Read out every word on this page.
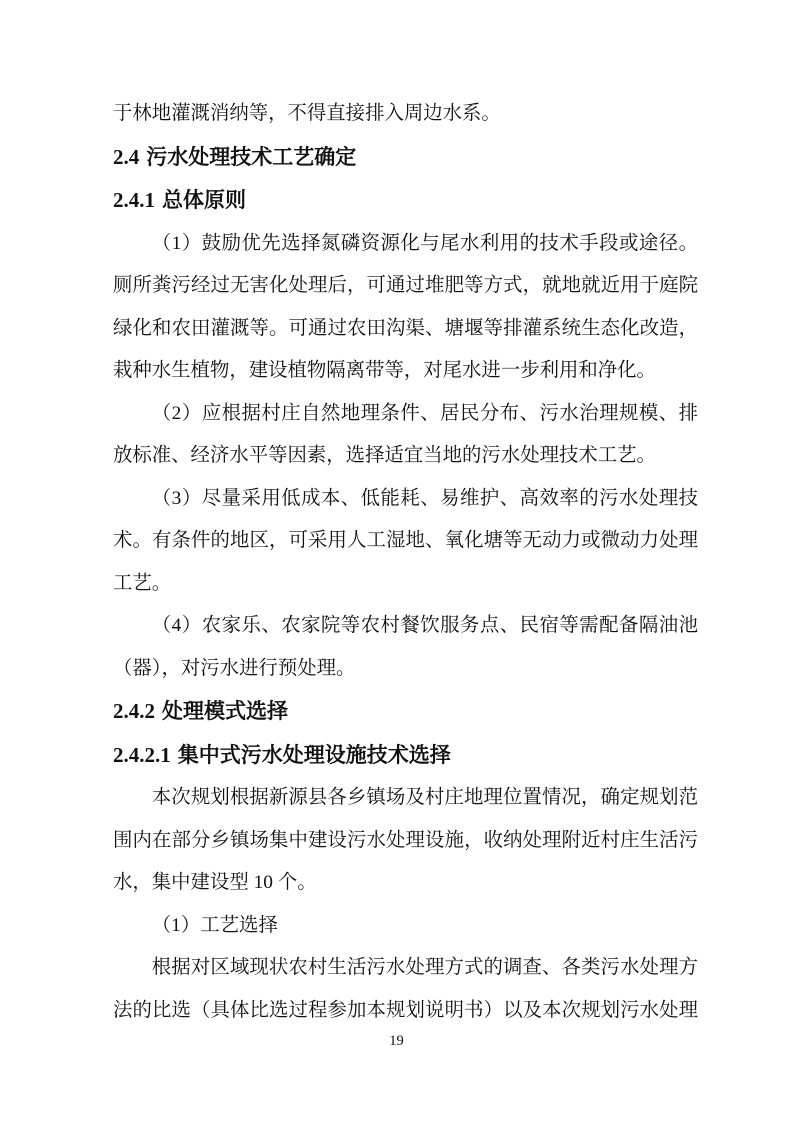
于林地灌溉消纳等，不得直接排入周边水系。

2.4 污水处理技术工艺确定
2.4.1 总体原则

（1）鼓励优先选择氮磷资源化与尾水利用的技术手段或途径。厕所粪污经过无害化处理后，可通过堆肥等方式，就地就近用于庭院绿化和农田灌溉等。可通过农田沟渠、塘堰等排灌系统生态化改造，栽种水生植物，建设植物隔离带等，对尾水进一步利用和净化。

（2）应根据村庄自然地理条件、居民分布、污水治理规模、排放标准、经济水平等因素，选择适宜当地的污水处理技术工艺。

（3）尽量采用低成本、低能耗、易维护、高效率的污水处理技术。有条件的地区，可采用人工湿地、氧化塘等无动力或微动力处理工艺。

（4）农家乐、农家院等农村餐饮服务点、民宿等需配备隔油池（器），对污水进行预处理。

2.4.2 处理模式选择
2.4.2.1 集中式污水处理设施技术选择

本次规划根据新源县各乡镇场及村庄地理位置情况，确定规划范围内在部分乡镇场集中建设污水处理设施，收纳处理附近村庄生活污水，集中建设型 10 个。

（1）工艺选择

根据对区域现状农村生活污水处理方式的调查、各类污水处理方法的比选（具体比选过程参加本规划说明书）以及本次规划污水处理

19
